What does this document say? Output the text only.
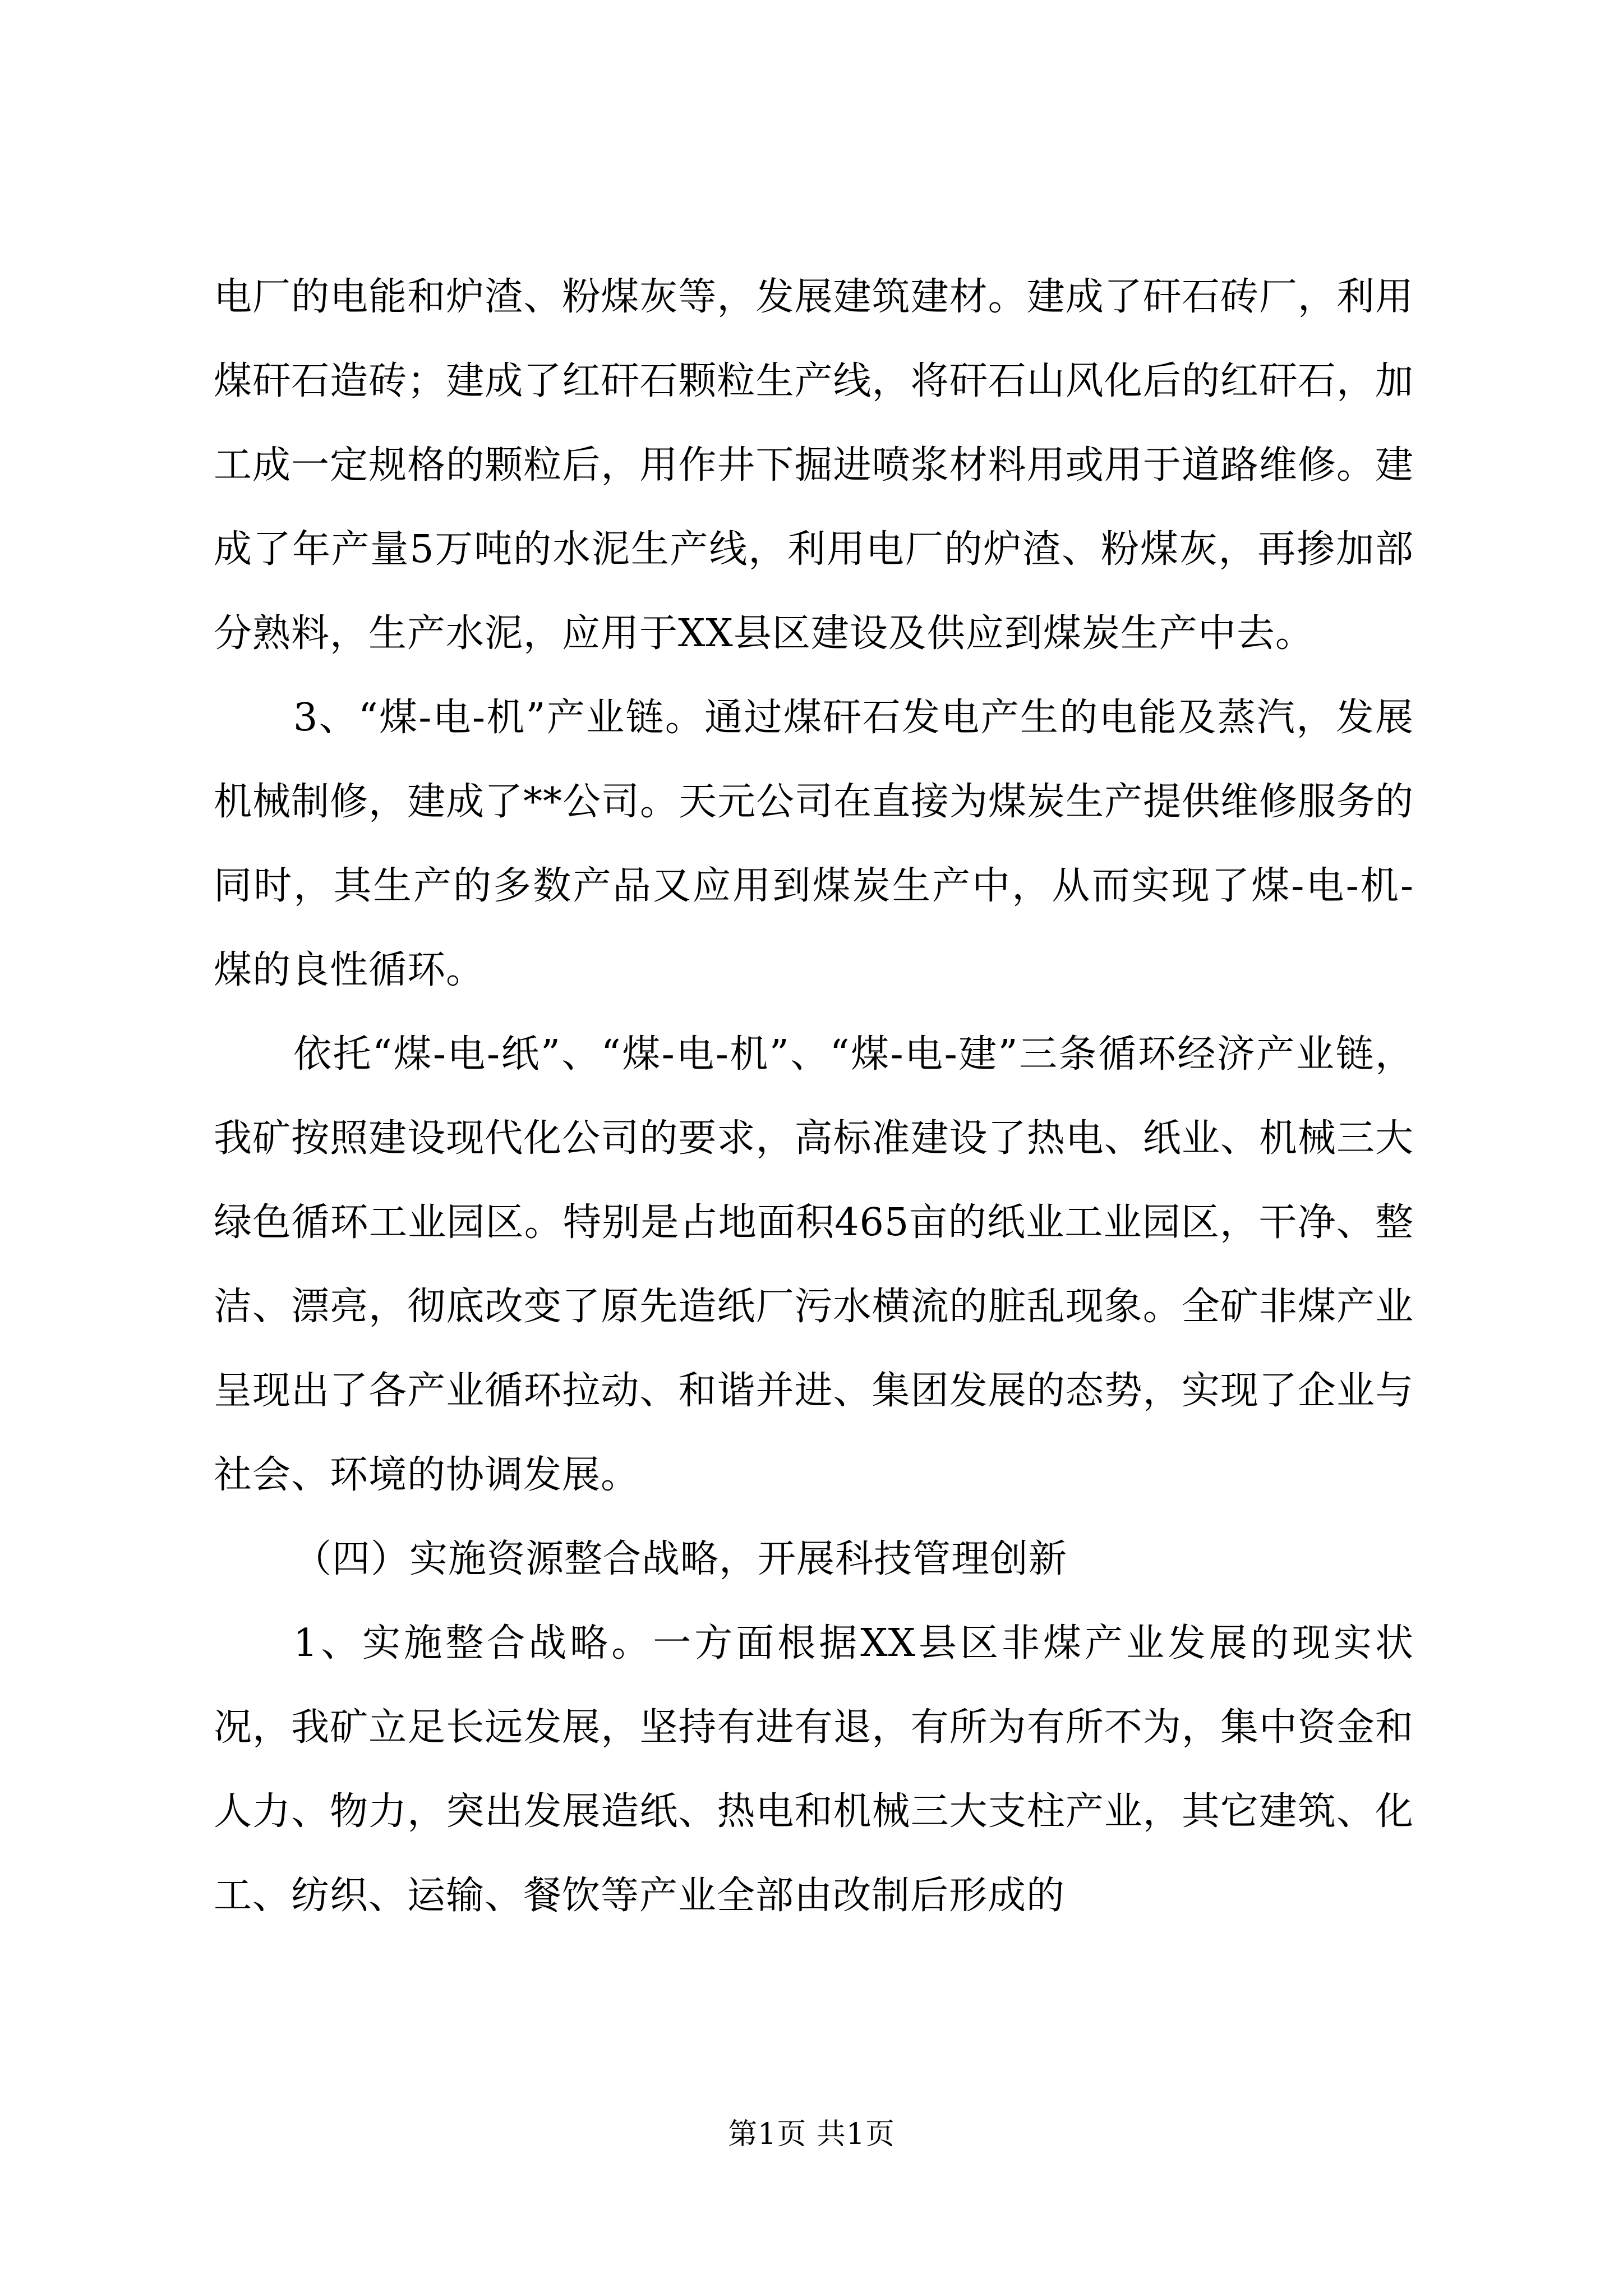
电厂的电能和炉渣、粉煤灰等，发展建筑建材。建成了矸石砖厂，利用煤矸石造砖；建成了红矸石颗粒生产线，将矸石山风化后的红矸石，加工成一定规格的颗粒后，用作井下掘进喷浆材料用或用于道路维修。建成了年产量5万吨的水泥生产线，利用电厂的炉渣、粉煤灰，再掺加部分熟料，生产水泥，应用于XX县区建设及供应到煤炭生产中去。

3、“煤-电-机”产业链。通过煤矸石发电产生的电能及蒸汽，发展机械制修，建成了**公司。天元公司在直接为煤炭生产提供维修服务的同时，其生产的多数产品又应用到煤炭生产中，从而实现了煤-电-机-煤的良性循环。

依托“煤-电-纸”、“煤-电-机”、“煤-电-建”三条循环经济产业链，我矿按照建设现代化公司的要求，高标准建设了热电、纸业、机械三大绿色循环工业园区。特别是占地面积465亩的纸业工业园区，干净、整洁、漂亮，彻底改变了原先造纸厂污水横流的脏乱现象。全矿非煤产业呈现出了各产业循环拉动、和谐并进、集团发展的态势，实现了企业与社会、环境的协调发展。

（四）实施资源整合战略，开展科技管理创新

1、实施整合战略。一方面根据XX县区非煤产业发展的现实状况，我矿立足长远发展，坚持有进有退，有所为有所不为，集中资金和人力、物力，突出发展造纸、热电和机械三大支柱产业，其它建筑、化工、纺织、运输、餐饮等产业全部由改制后形成的

第1页 共1页
